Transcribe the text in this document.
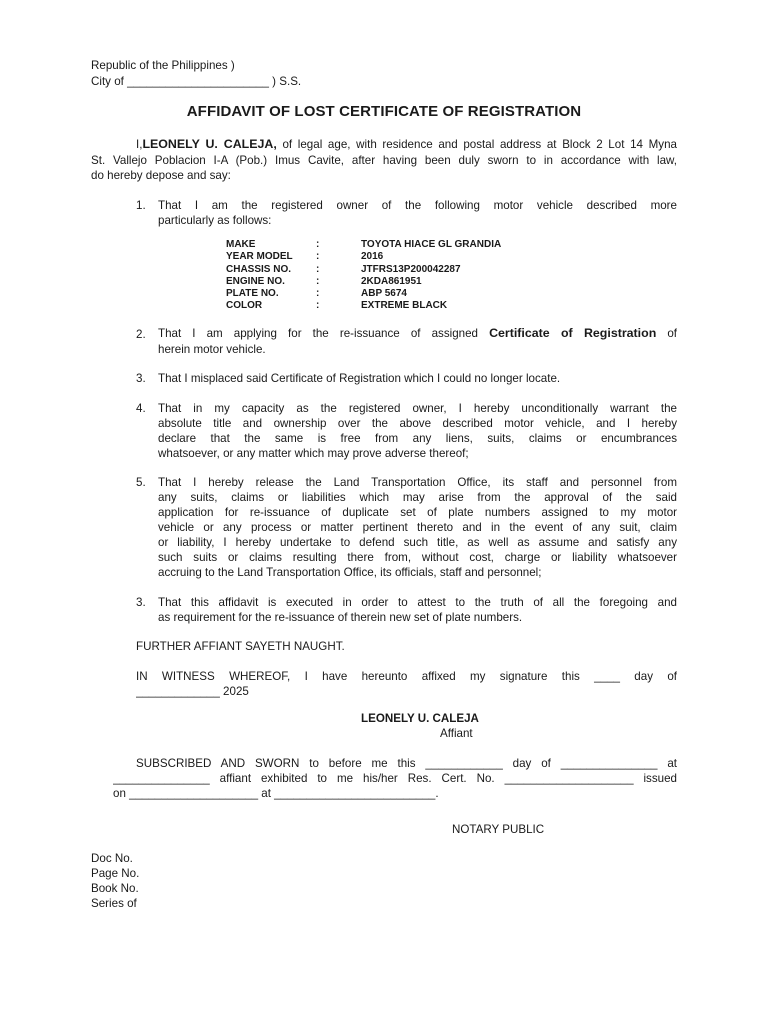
Republic of the Philippines )
City of ______________________ ) S.S.
AFFIDAVIT OF LOST CERTIFICATE OF REGISTRATION
I,LEONELY U. CALEJA, of legal age, with residence and postal address at Block 2 Lot 14 Myna
St. Vallejo Poblacion I-A (Pob.) Imus Cavite, after having been duly sworn to in accordance with law,
do hereby depose and say:
1. That I am the registered owner of the following motor vehicle described more
particularly as follows:
MAKE	:	TOYOTA HIACE GL GRANDIA
YEAR MODEL :	2016
CHASSIS NO. :	JTFRS13P200042287
ENGINE NO.	:	2KDA861951
PLATE NO.	:	ABP 5674
COLOR	:	EXTREME BLACK
2. That I am applying for the re-issuance of assigned Certificate of Registration of
herein motor vehicle.
3. That I misplaced said Certificate of Registration which I could no longer locate.
4. That in my capacity as the registered owner, I hereby unconditionally warrant the
absolute title and ownership over the above described motor vehicle, and I hereby
declare that the same is free from any liens, suits, claims or encumbrances
whatsoever, or any matter which may prove adverse thereof;
5. That I hereby release the Land Transportation Office, its staff and personnel from
any suits, claims or liabilities which may arise from the approval of the said
application for re-issuance of duplicate set of plate numbers assigned to my motor
vehicle or any process or matter pertinent thereto and in the event of any suit, claim
or liability, I hereby undertake to defend such title, as well as assume and satisfy any
such suits or claims resulting there from, without cost, charge or liability whatsoever
accruing to the Land Transportation Office, its officials, staff and personnel;
3. That this affidavit is executed in order to attest to the truth of all the foregoing and
as requirement for the re-issuance of therein new set of plate numbers.
FURTHER AFFIANT SAYETH NAUGHT.
IN WITNESS WHEREOF, I have hereunto affixed my signature this ____ day of
_____________ 2025
LEONELY U. CALEJA
Affiant
SUBSCRIBED AND SWORN to before me this ____________ day of _______________ at
_______________ affiant exhibited to me his/her Res. Cert. No. ____________________ issued
on ____________________ at _________________________.
NOTARY PUBLIC
Doc No.
Page No.
Book No.
Series of
